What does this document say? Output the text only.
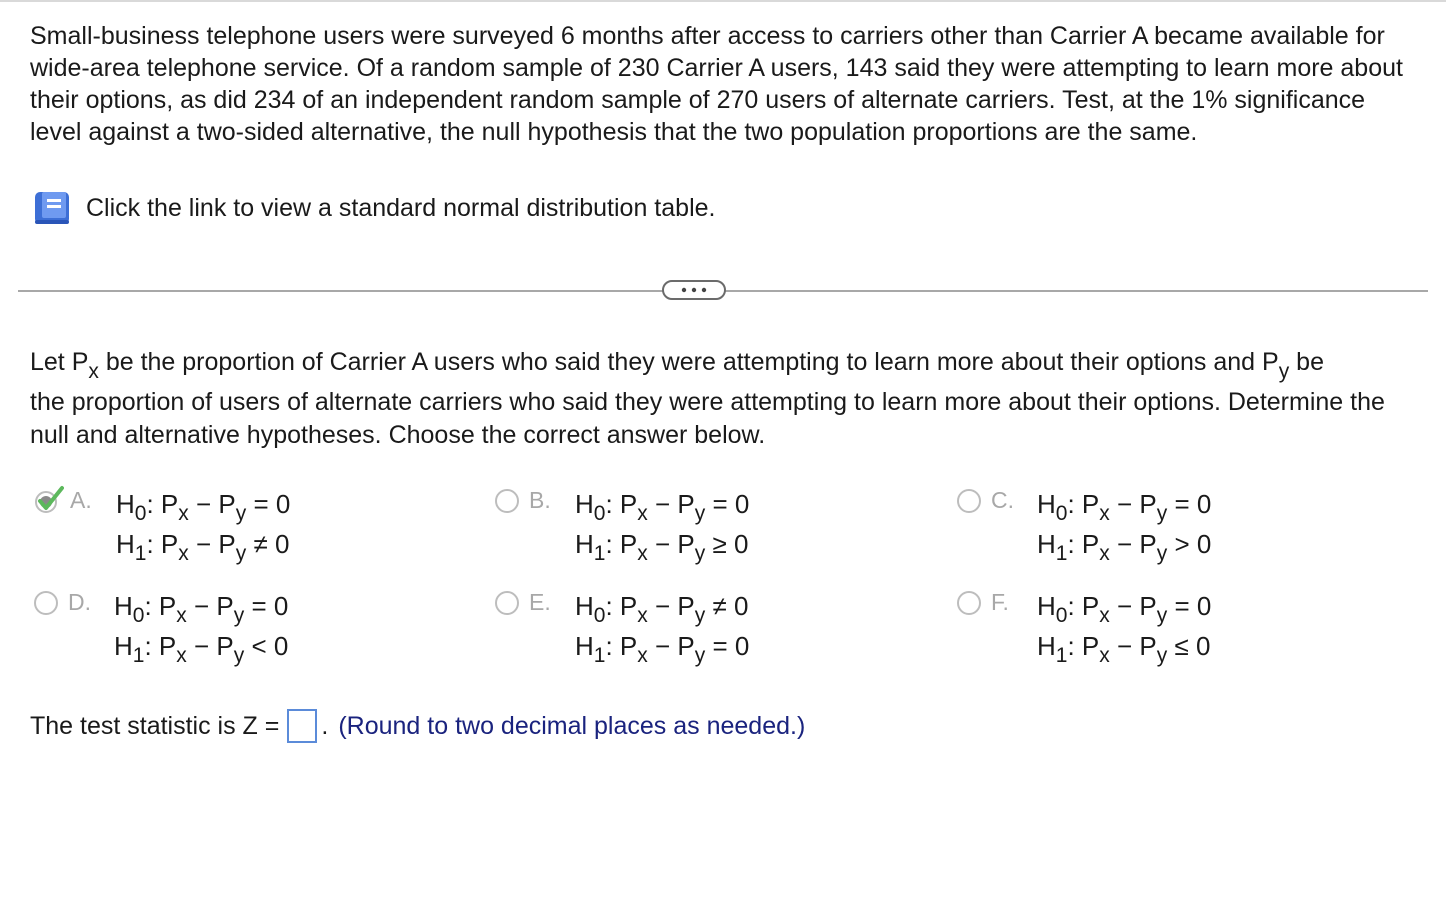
Small-business telephone users were surveyed 6 months after access to carriers other than Carrier A became available for wide-area telephone service. Of a random sample of 230 Carrier A users, 143 said they were attempting to learn more about their options, as did 234 of an independent random sample of 270 users of alternate carriers. Test, at the 1% significance level against a two-sided alternative, the null hypothesis that the two population proportions are the same.

Click the link to view a standard normal distribution table.

Let $P_x$ be the proportion of Carrier A users who said they were attempting to learn more about their options and $P_y$ be
the proportion of users of alternate carriers who said they were attempting to learn more about their options. Determine the null and alternative hypotheses. Choose the correct answer below.

A. $H_0$: $P_x - P_y = 0$
$H_1$: $P_x - P_y \ne 0$
B. $H_0$: $P_x - P_y = 0$
$H_1$: $P_x - P_y \ge 0$
C. $H_0$: $P_x - P_y = 0$
$H_1$: $P_x - P_y > 0$
D. $H_0$: $P_x - P_y = 0$
$H_1$: $P_x - P_y < 0$
E. $H_0$: $P_x - P_y \ne 0$
$H_1$: $P_x - P_y = 0$
F.	$H_0$: $P_x - P_y = 0$
$H_1$: $P_x - P_y \le 0$
The test statistic is Z = . (Round to two decimal places as needed.)
